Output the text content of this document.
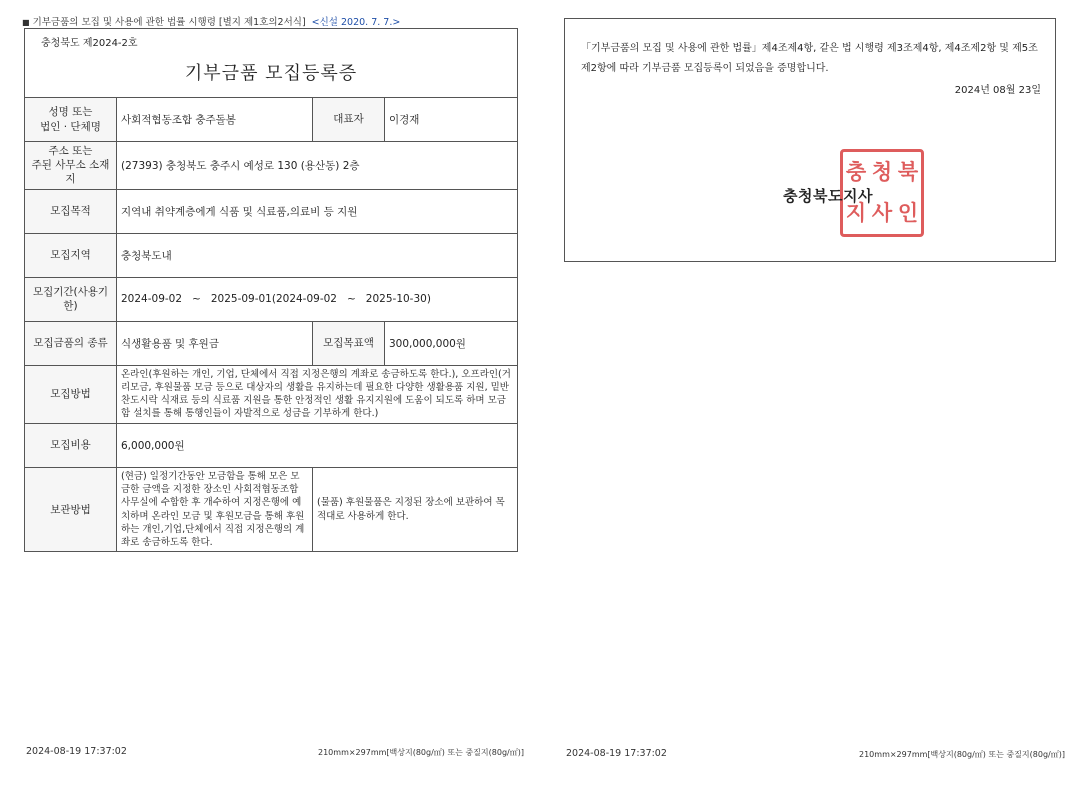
■ 기부금품의 모집 및 사용에 관한 법률 시행령 [별지 제1호의2서식] <신설 2020. 7. 7.>
충청북도 제2024-2호
기부금품 모집등록증			

성명 또는
법인 · 단체명	사회적협동조합 충주돌봄	대표자	이경재
주소 또는
주된 사무소 소재지	(27393) 충청북도 충주시 예성로 130 (용산동) 2층		
모집목적	지역내 취약계층에게 식품 및 식료품,의료비 등 지원		
모집지역	충청북도내		
모집기간(사용기한)	2024-09-02   ~   2025-09-01(2024-09-02   ~   2025-10-30)		
모집금품의 종류	식생활용품 및 후원금	모집목표액	300,000,000원
모집방법	온라인(후원하는 개인, 기업, 단체에서 직접 지정은행의 계좌로 송금하도록 한다.), 오프라인(거리모금, 후원물품 모금 등으로 대상자의 생활을 유지하는데 필요한 다양한 생활용품 지원, 밑반찬도시락 식재료 등의 식료품 지원을 통한 안정적인 생활 유지지원에 도움이 되도록 하며 모금함 설치를 통해 통행인들이 자발적으로 성금을 기부하게 한다.)		
모집비용	6,000,000원		
보관방법	(현금) 일정기간동안 모금함을 통해 모은 모금한 금액을 지정한 장소인 사회적협동조합 사무실에 수합한 후 개수하여 지정은행에 예치하며 온라인 모금 및 후원모금을 통해 후원하는 개인,기업,단체에서 직접 지정은행의 계좌로 송금하도록 한다.	(물품) 후원물품은 지정된 장소에 보관하여 목적대로 사용하게 한다.	
「기부금품의 모집 및 사용에 관한 법률」제4조제4항, 같은 법 시행령 제3조제4항, 제4조제2항 및 제5조제2항에 따라 기부금품 모집등록이 되었음을 증명합니다.
2024년 08월 23일
충 청 북
지 사 인
충청북도지사
2024-08-19 17:37:02	210mm×297mm[백상지(80g/㎡) 또는 중질지(80g/㎡)]	2024-08-19 17:37:02	210mm×297mm[백상지(80g/㎡) 또는 중질지(80g/㎡)]
